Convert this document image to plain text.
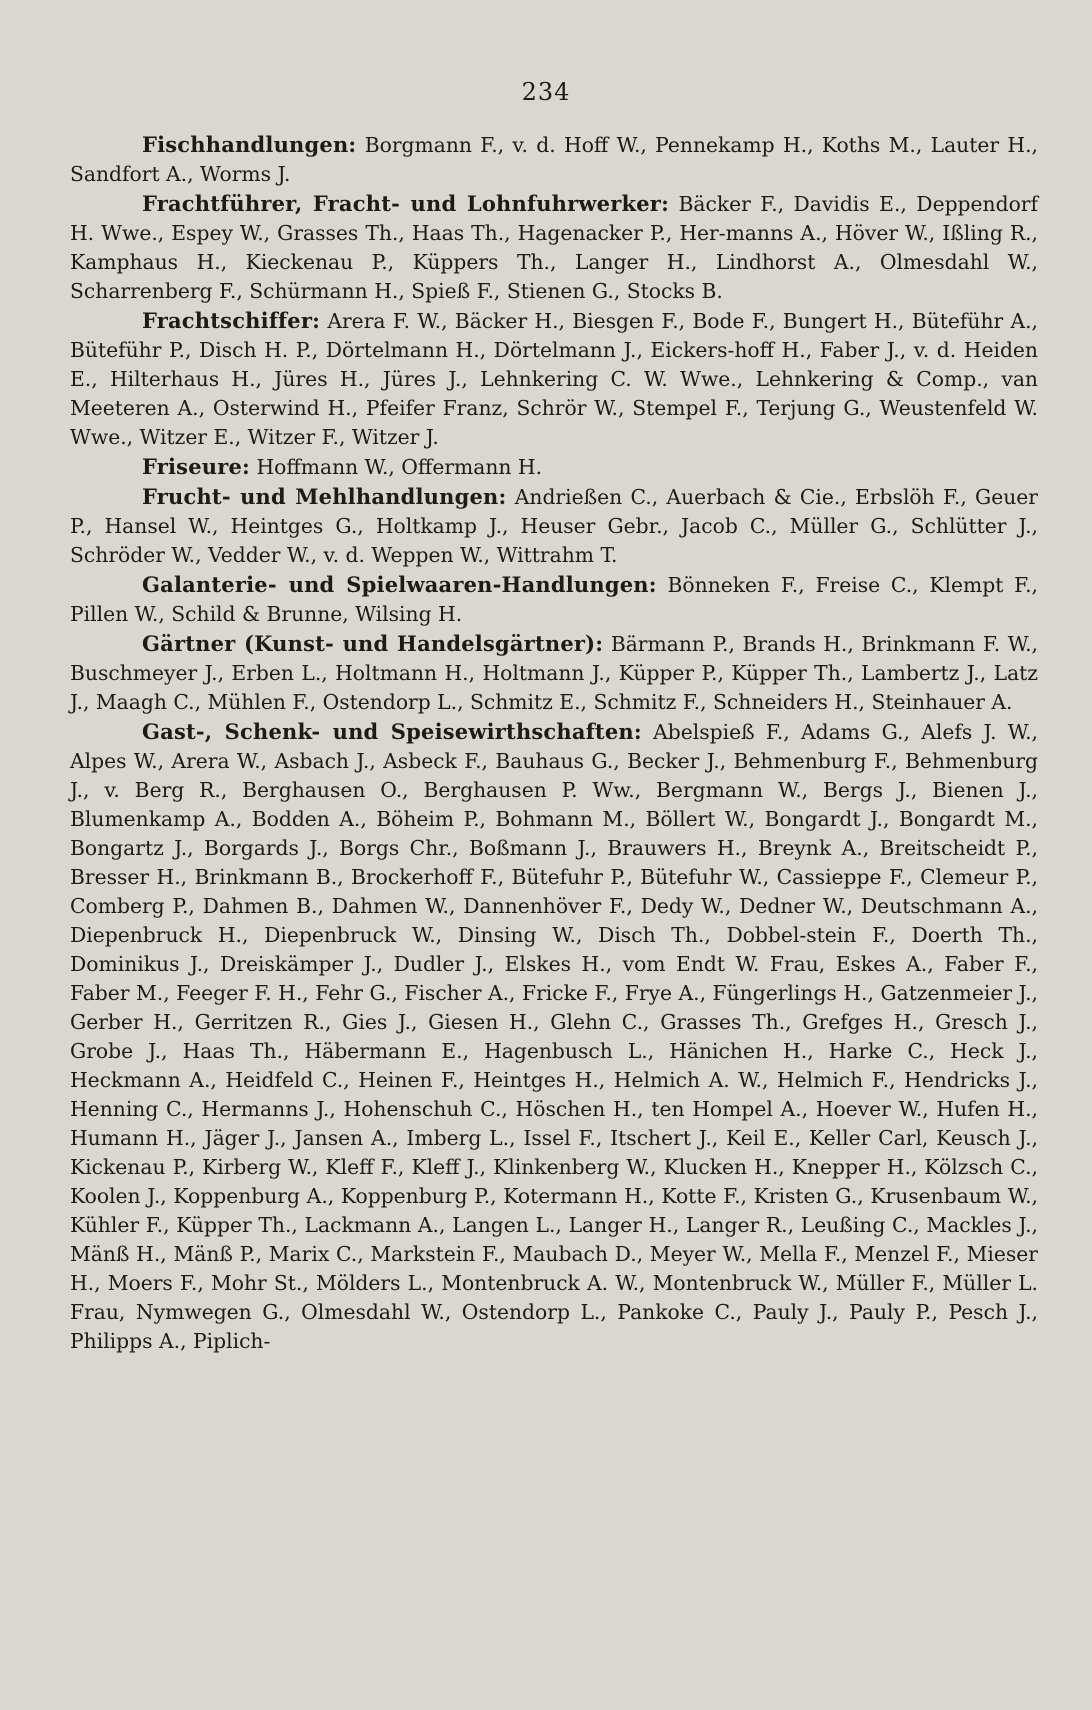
234

Fischhandlungen: Borgmann F., v. d. Hoff W., Pennekamp H., Koths M., Lauter H., Sandfort A., Worms J.

Frachtführer, Fracht- und Lohnfuhrwerker: Bäcker F., Davidis E., Deppendorf H. Wwe., Espey W., Grasses Th., Haas Th., Hagenacker P., Her-manns A., Höver W., Ißling R., Kamphaus H., Kieckenau P., Küppers Th., Langer H., Lindhorst A., Olmesdahl W., Scharrenberg F., Schürmann H., Spieß F., Stienen G., Stocks B.

Frachtschiffer: Arera F. W., Bäcker H., Biesgen F., Bode F., Bungert H., Büteführ A., Büteführ P., Disch H. P., Dörtelmann H., Dörtelmann J., Eickers-hoff H., Faber J., v. d. Heiden E., Hilterhaus H., Jüres H., Jüres J., Lehnkering C. W. Wwe., Lehnkering & Comp., van Meeteren A., Osterwind H., Pfeifer Franz, Schrör W., Stempel F., Terjung G., Weustenfeld W. Wwe., Witzer E., Witzer F., Witzer J.

Friseure: Hoffmann W., Offermann H.

Frucht- und Mehlhandlungen: Andrießen C., Auerbach & Cie., Erbslöh F., Geuer P., Hansel W., Heintges G., Holtkamp J., Heuser Gebr., Jacob C., Müller G., Schlütter J., Schröder W., Vedder W., v. d. Weppen W., Wittrahm T.

Galanterie- und Spielwaaren-Handlungen: Bönneken F., Freise C., Klempt F., Pillen W., Schild & Brunne, Wilsing H.

Gärtner (Kunst- und Handelsgärtner): Bärmann P., Brands H., Brinkmann F. W., Buschmeyer J., Erben L., Holtmann H., Holtmann J., Küpper P., Küpper Th., Lambertz J., Latz J., Maagh C., Mühlen F., Ostendorp L., Schmitz E., Schmitz F., Schneiders H., Steinhauer A.

Gast-, Schenk- und Speisewirthschaften: Abelspieß F., Adams G., Alefs J. W., Alpes W., Arera W., Asbach J., Asbeck F., Bauhaus G., Becker J., Behmenburg F., Behmenburg J., v. Berg R., Berghausen O., Berghausen P. Ww., Bergmann W., Bergs J., Bienen J., Blumenkamp A., Bodden A., Böheim P., Bohmann M., Böllert W., Bongardt J., Bongardt M., Bongartz J., Borgards J., Borgs Chr., Boßmann J., Brauwers H., Breynk A., Breitscheidt P., Bresser H., Brinkmann B., Brockerhoff F., Bütefuhr P., Bütefuhr W., Cassieppe F., Clemeur P., Comberg P., Dahmen B., Dahmen W., Dannenhöver F., Dedy W., Dedner W., Deutschmann A., Diepenbruck H., Diepenbruck W., Dinsing W., Disch Th., Dobbel-stein F., Doerth Th., Dominikus J., Dreiskämper J., Dudler J., Elskes H., vom Endt W. Frau, Eskes A., Faber F., Faber M., Feeger F. H., Fehr G., Fischer A., Fricke F., Frye A., Füngerlings H., Gatzenmeier J., Gerber H., Gerritzen R., Gies J., Giesen H., Glehn C., Grasses Th., Grefges H., Gresch J., Grobe J., Haas Th., Häbermann E., Hagenbusch L., Hänichen H., Harke C., Heck J., Heckmann A., Heidfeld C., Heinen F., Heintges H., Helmich A. W., Helmich F., Hendricks J., Henning C., Hermanns J., Hohenschuh C., Höschen H., ten Hompel A., Hoever W., Hufen H., Humann H., Jäger J., Jansen A., Imberg L., Issel F., Itschert J., Keil E., Keller Carl, Keusch J., Kickenau P., Kirberg W., Kleff F., Kleff J., Klinkenberg W., Klucken H., Knepper H., Kölzsch C., Koolen J., Koppenburg A., Koppenburg P., Kotermann H., Kotte F., Kristen G., Krusenbaum W., Kühler F., Küpper Th., Lackmann A., Langen L., Langer H., Langer R., Leußing C., Mackles J., Mänß H., Mänß P., Marix C., Markstein F., Maubach D., Meyer W., Mella F., Menzel F., Mieser H., Moers F., Mohr St., Mölders L., Montenbruck A. W., Montenbruck W., Müller F., Müller L. Frau, Nymwegen G., Olmesdahl W., Ostendorp L., Pankoke C., Pauly J., Pauly P., Pesch J., Philipps A., Piplich-
